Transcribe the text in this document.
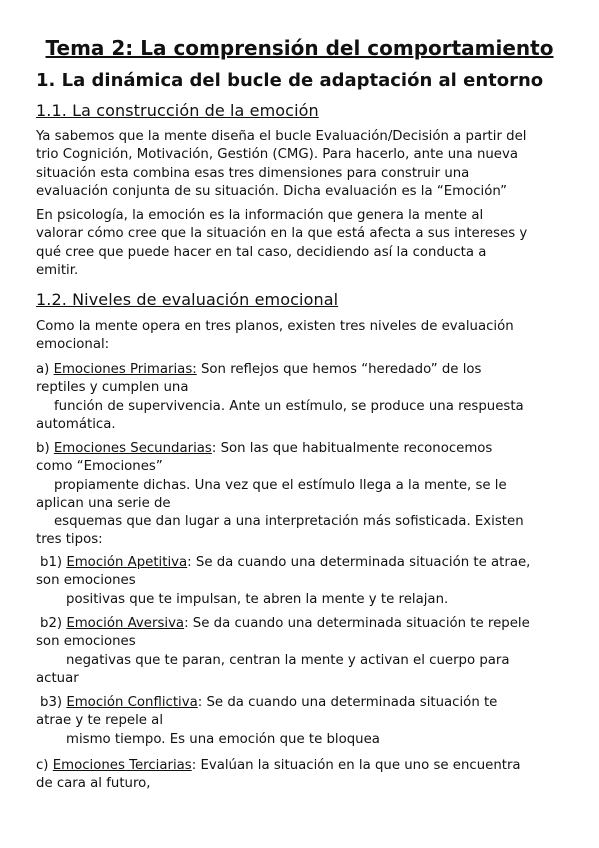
Tema 2: La comprensión del comportamiento
1. La dinámica del bucle de adaptación al entorno
1.1. La construcción de la emoción
Ya sabemos que la mente diseña el bucle Evaluación/Decisión a partir del
trio Cognición, Motivación, Gestión (CMG). Para hacerlo, ante una nueva
situación esta combina esas tres dimensiones para construir una
evaluación conjunta de su situación. Dicha evaluación es la “Emoción”
En psicología, la emoción es la información que genera la mente al
valorar cómo cree que la situación en la que está afecta a sus intereses y
qué cree que puede hacer en tal caso, decidiendo así la conducta a
emitir.
1.2. Niveles de evaluación emocional
Como la mente opera en tres planos, existen tres niveles de evaluación
emocional:
a) Emociones Primarias: Son reflejos que hemos “heredado” de los
reptiles y cumplen una
función de supervivencia. Ante un estímulo, se produce una respuesta
automática.
b) Emociones Secundarias: Son las que habitualmente reconocemos
como “Emociones”
propiamente dichas. Una vez que el estímulo llega a la mente, se le
aplican una serie de
esquemas que dan lugar a una interpretación más sofisticada. Existen
tres tipos:
b1) Emoción Apetitiva: Se da cuando una determinada situación te atrae,
son emociones
positivas que te impulsan, te abren la mente y te relajan.
b2) Emoción Aversiva: Se da cuando una determinada situación te repele
son emociones
negativas que te paran, centran la mente y activan el cuerpo para
actuar
b3) Emoción Conflictiva: Se da cuando una determinada situación te
atrae y te repele al
mismo tiempo. Es una emoción que te bloquea
c) Emociones Terciarias: Evalúan la situación en la que uno se encuentra
de cara al futuro,
